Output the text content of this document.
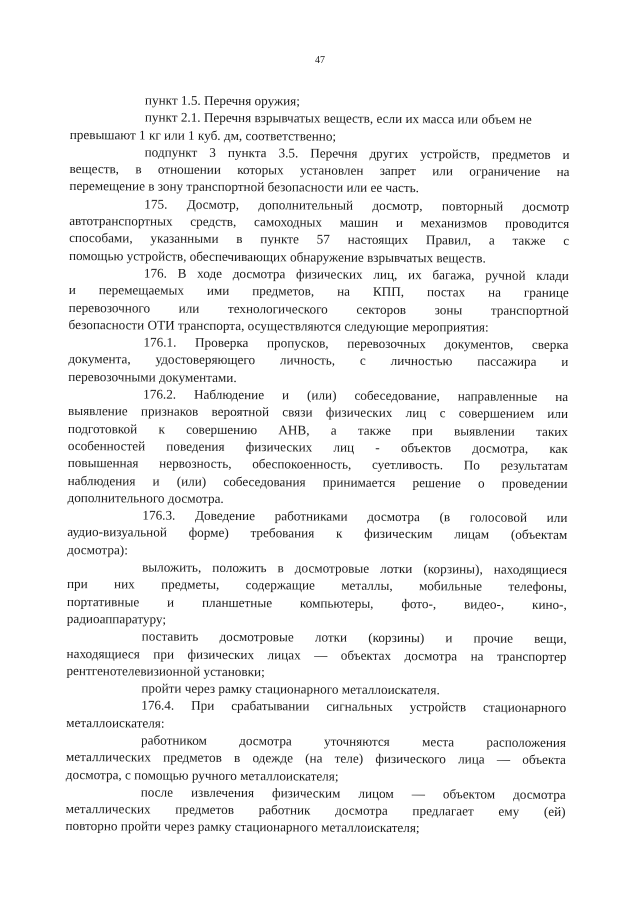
47
пункт 1.5. Перечня оружия;
пункт 2.1. Перечня взрывчатых веществ, если их масса или объем не
превышают 1 кг или 1 куб. дм, соответственно;
подпункт 3 пункта 3.5. Перечня других устройств, предметов и
веществ, в отношении которых установлен запрет или ограничение на
перемещение в зону транспортной безопасности или ее часть.
175. Досмотр, дополнительный досмотр, повторный досмотр
автотранспортных средств, самоходных машин и механизмов проводится
способами, указанными в пункте 57 настоящих Правил, а также с
помощью устройств, обеспечивающих обнаружение взрывчатых веществ.
176. В ходе досмотра физических лиц, их багажа, ручной клади
и перемещаемых ими предметов, на КПП, постах на границе
перевозочного или технологического секторов зоны транспортной
безопасности ОТИ транспорта, осуществляются следующие мероприятия:
176.1. Проверка пропусков, перевозочных документов, сверка
документа, удостоверяющего личность, с личностью пассажира и
перевозочными документами.
176.2. Наблюдение и (или) собеседование, направленные на
выявление признаков вероятной связи физических лиц с совершением или
подготовкой к совершению АНВ, а также при выявлении таких
особенностей поведения физических лиц - объектов досмотра, как
повышенная нервозность, обеспокоенность, суетливость. По результатам
наблюдения и (или) собеседования принимается решение о проведении
дополнительного досмотра.
176.3. Доведение работниками досмотра (в голосовой или
аудио-визуальной форме) требования к физическим лицам (объектам
досмотра):
выложить, положить в досмотровые лотки (корзины), находящиеся
при них предметы, содержащие металлы, мобильные телефоны,
портативные и планшетные компьютеры, фото-, видео-, кино-,
радиоаппаратуру;
поставить досмотровые лотки (корзины) и прочие вещи,
находящиеся при физических лицах — объектах досмотра на транспортер
рентгенотелевизионной установки;
пройти через рамку стационарного металлоискателя.
176.4. При срабатывании сигнальных устройств стационарного
металлоискателя:
работником досмотра уточняются места расположения
металлических предметов в одежде (на теле) физического лица — объекта
досмотра, с помощью ручного металлоискателя;
после извлечения физическим лицом — объектом досмотра
металлических предметов работник досмотра предлагает ему (ей)
повторно пройти через рамку стационарного металлоискателя;
